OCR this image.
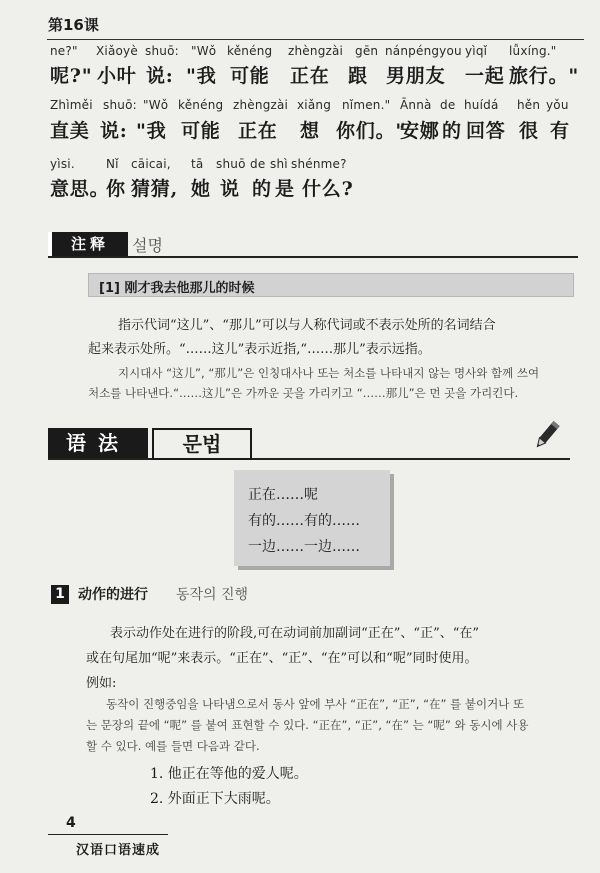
第16课
ne?" Xiǎoyè shuō: "Wǒ kěnéng zhèngzài gēn nánpéngyou yìqǐ lǚxíng."
呢?" 小叶 说: "我 可能 正在 跟 男朋友 一起 旅行。"
Zhìměi shuō: "Wǒ kěnéng zhèngzài xiǎng nǐmen." Ānnà de huídá hěn yǒu
直美 说: "我 可能 正在 想 你们。"
安娜 的 回答 很 有
yìsi.	Nǐ cāicai, tā shuō de shì shénme?
意思。
你 猜猜, 她 说 的 是 什么?
注释	설명
[1] 刚才我去他那儿的时候
指示代词“这儿”、“那儿”可以与人称代词或不表示处所的名词结合
起来表示处所。“……这儿”表示近指,“……那儿”表示远指。
지시대사 “这儿”, “那儿”은 인칭대사나 또는 처소를 나타내지 않는 명사와 함께 쓰여
처소를 나타낸다.“……这儿”은 가까운 곳을 가리키고 “……那儿”은 먼 곳을 가리킨다.
语法	문법
正在……呢
有的……有的……
一边……一边……
1 动作的进行 동작의 진행
表示动作处在进行的阶段,可在动词前加副词“正在”、“正”、“在”
或在句尾加“呢”来表示。“正在”、“正”、“在”可以和“呢”同时使用。
例如:
동작이 진행중임을 나타냄으로서 동사 앞에 부사 “正在”, “正”, “在” 를 붙이거나 또
는 문장의 끝에 “呢” 를 붙여 표현할 수 있다. “正在”, “正”, “在” 는 “呢” 와 동시에 사용
할 수 있다. 예를 들면 다음과 같다.
1. 他正在等他的爱人呢。
2. 外面正下大雨呢。
4
汉语口语速成
